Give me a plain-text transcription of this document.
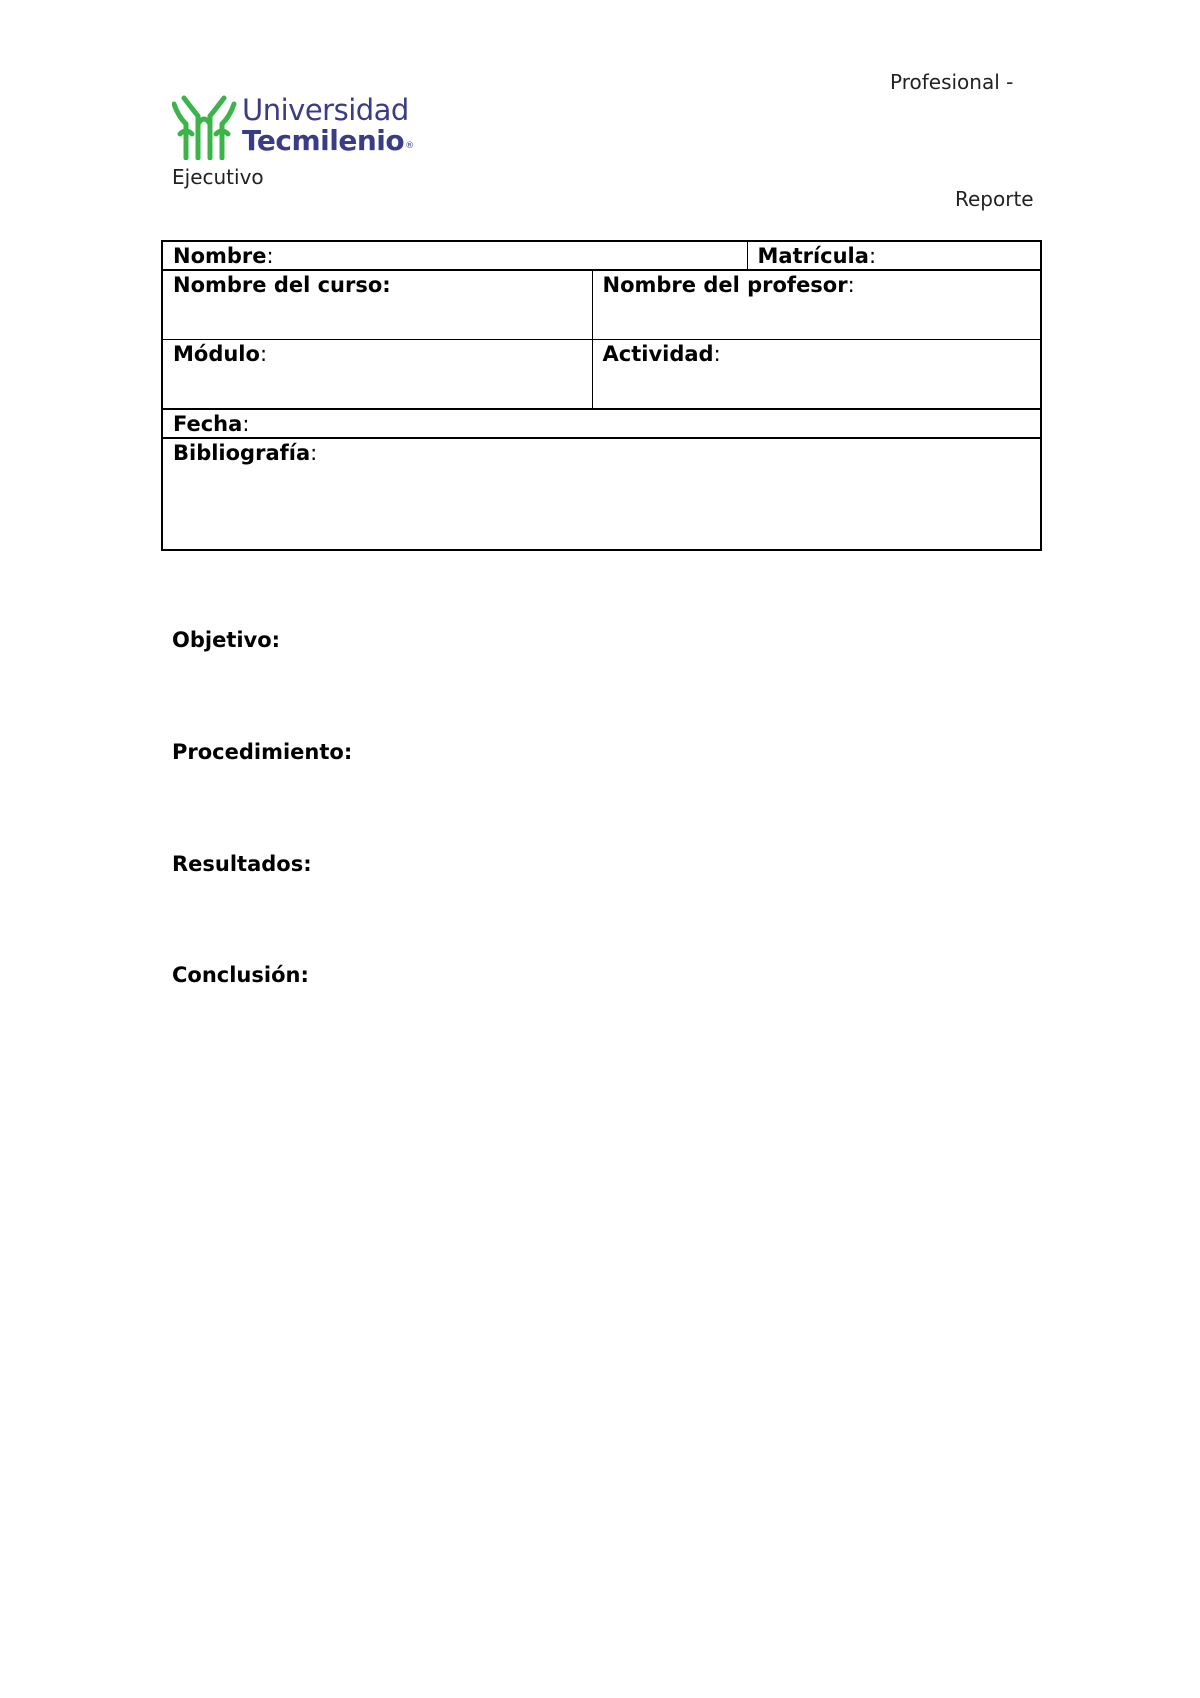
Profesional -
Universidad
Tecmilenio®
Ejecutivo
Reporte
Nombre:		Matrícula:
Nombre del curso:	Nombre del profesor:	
Módulo:	Actividad:	
Fecha:		
Bibliografía:		
Objetivo:
Procedimiento:
Resultados:
Conclusión:
